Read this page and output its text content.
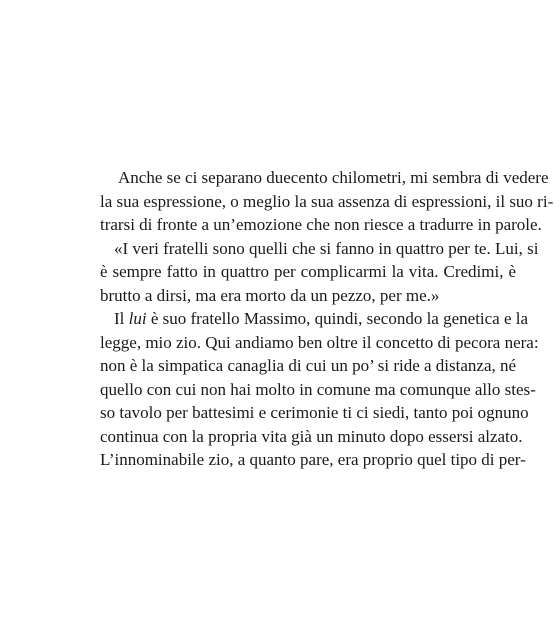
Anche se ci separano duecento chilometri, mi sembra di vedere
la sua espressione, o meglio la sua assenza di espressioni, il suo ri-
trarsi di fronte a un’emozione che non riesce a tradurre in parole.
«I veri fratelli sono quelli che si fanno in quattro per te. Lui, si
è sempre fatto in quattro per complicarmi la vita. Credimi, è
brutto a dirsi, ma era morto da un pezzo, per me.»
Il lui è suo fratello Massimo, quindi, secondo la genetica e la
legge, mio zio. Qui andiamo ben oltre il concetto di pecora nera:
non è la simpatica canaglia di cui un po’ si ride a distanza, né
quello con cui non hai molto in comune ma comunque allo stes-
so tavolo per battesimi e cerimonie ti ci siedi, tanto poi ognuno
continua con la propria vita già un minuto dopo essersi alzato.
L’innominabile zio, a quanto pare, era proprio quel tipo di per-
